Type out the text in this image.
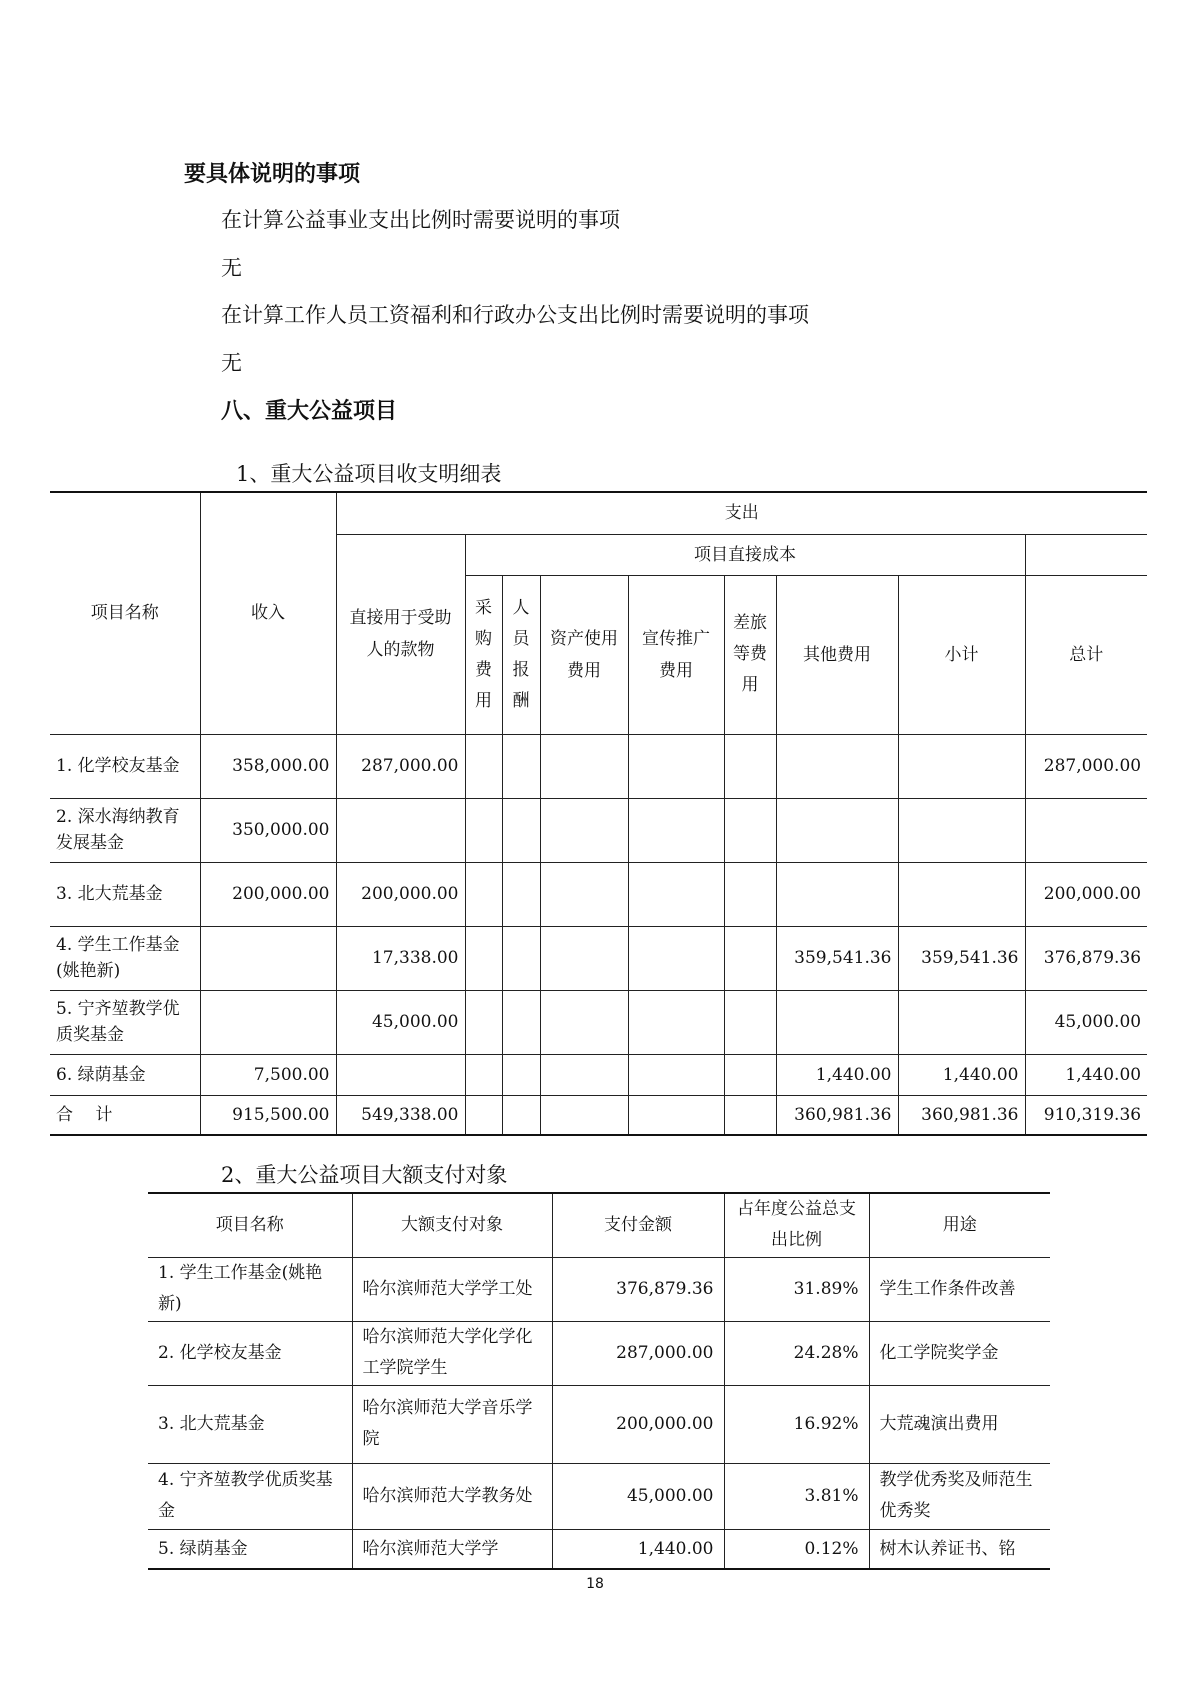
要具体说明的事项
在计算公益事业支出比例时需要说明的事项
无
在计算工作人员工资福利和行政办公支出比例时需要说明的事项
无
八、重大公益项目
1、重大公益项目收支明细表
项目名称	收入	支出								
		直接用于受助人的款物	项目直接成本							
			采购费用	人员报酬	资产使用费用	宣传推广费用	差旅等费用	其他费用	小计	总计
1. 化学校友基金	358,000.00	287,000.00								287,000.00
2. 深水海纳教育发展基金	350,000.00									
3. 北大荒基金	200,000.00	200,000.00								200,000.00
4. 学生工作基金(姚艳新)		17,338.00						359,541.36	359,541.36	376,879.36
5. 宁齐堃教学优质奖基金		45,000.00								45,000.00
6. 绿荫基金	7,500.00							1,440.00	1,440.00	1,440.00
合　 计	915,500.00	549,338.00						360,981.36	360,981.36	910,319.36
2、重大公益项目大额支付对象
项目名称	大额支付对象	支付金额	占年度公益总支出比例	用途
1. 学生工作基金(姚艳新)	哈尔滨师范大学学工处	376,879.36	31.89%	学生工作条件改善
2. 化学校友基金	哈尔滨师范大学化学化工学院学生	287,000.00	24.28%	化工学院奖学金
3. 北大荒基金	哈尔滨师范大学音乐学院	200,000.00	16.92%	大荒魂演出费用
4. 宁齐堃教学优质奖基金	哈尔滨师范大学教务处	45,000.00	3.81%	教学优秀奖及师范生优秀奖
5. 绿荫基金	哈尔滨师范大学学	1,440.00	0.12%	树木认养证书、铭
18
